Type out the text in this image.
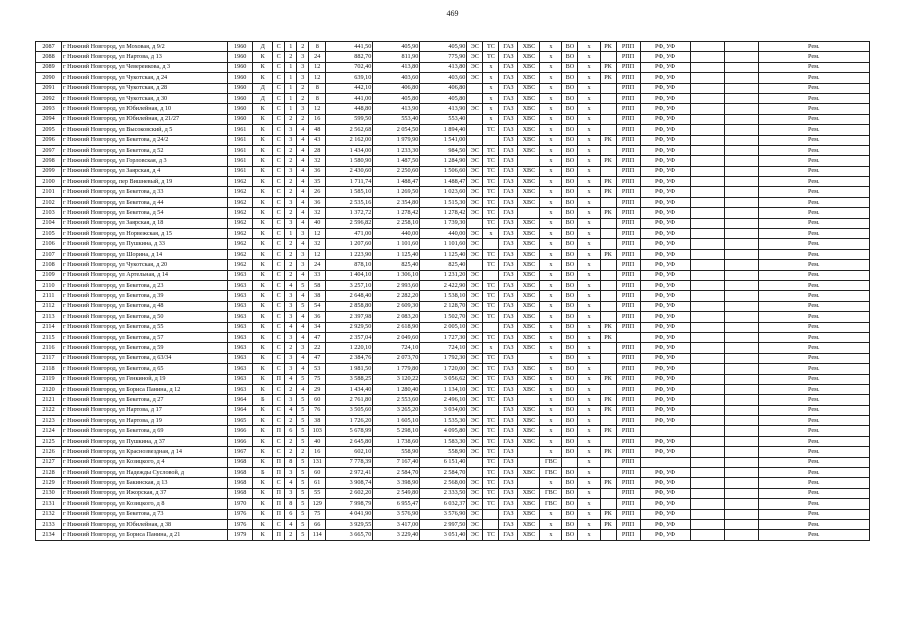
469
2087	г Нижний Новгород, ул Моховая, д 9/2	1960	Д	С	1	2	8	441,50	405,90	405,90	ЭС	ТС	ГАЗ	ХВС	х	ВО	х	РК	РПП	РФ, УФ			Рем.
2088	г Нижний Новгород, ул Нартова, д 13	1960	К	С	2	3	24	882,70	811,90	775,90	ЭС	ТС	ГАЗ	ХВС	х	ВО	х		РПП	РФ, УФ			Рем.
2089	г Нижний Новгород, ул Чевереикова, д 3	1960	К	С	1	3	12	702,40	413,80	413,80	ЭС	х	ГАЗ	ХВС	х	ВО	х	РК	РПП	РФ, УФ			Рем.
2090	г Нижний Новгород, ул Чукотская, д 24	1960	К	С	1	3	12	639,10	403,60	403,60	ЭС	х	ГАЗ	ХВС	х	ВО	х	РК	РПП	РФ, УФ			Рем.
2091	г Нижний Новгород, ул Чукотская, д 28	1960	Д	С	1	2	8	442,10	406,80	406,80		х	ГАЗ	ХВС	х	ВО	х		РПП	РФ, УФ			Рем.
2092	г Нижний Новгород, ул Чукотская, д 30	1960	Д	С	1	2	8	441,00	405,80	405,80		х	ГАЗ	ХВС	х	ВО	х		РПП	РФ, УФ			Рем.
2093	г Нижний Новгород, ул Юбилейная, д 10	1960	К	С	1	3	12	448,80	413,90	413,90	ЭС	х	ГАЗ	ХВС	х	ВО	х		РПП	РФ, УФ			Рем.
2094	г Нижний Новгород, ул Юбилейная, д 21/27	1960	К	С	2	2	16	599,50	553,40	553,40		х	ГАЗ	ХВС	х	ВО	х		РПП	РФ, УФ			Рем.
2095	г Нижний Новгород, ул Высоковский, д 5	1961	К	С	3	4	48	2 562,68	2 054,50	1 894,40		ТС	ГАЗ	ХВС	х	ВО	х		РПП	РФ, УФ			Рем.
2096	г Нижний Новгород, ул Бекетова, д 24/2	1961	К	С	3	4	43	2 162,00	1 979,90	1 541,00			ГАЗ	ХВС	х	ВО	х	РК	РПП	РФ, УФ			Рем.
2097	г Нижний Новгород, ул Бекетова, д 52	1961	К	С	2	4	28	1 434,00	1 233,30	984,50	ЭС	ТС	ГАЗ	ХВС	х	ВО	х		РПП	РФ, УФ			Рем.
2098	г Нижний Новгород, ул Горловская, д 3	1961	К	С	2	4	32	1 580,90	1 487,50	1 284,90	ЭС	ТС	ГАЗ		х	ВО	х	РК	РПП	РФ, УФ			Рем.
2099	г Нижний Новгород, ул Заярская, д 4	1961	К	С	3	4	36	2 430,60	2 250,60	1 506,60	ЭС	ТС	ГАЗ	ХВС	х	ВО	х		РПП	РФ, УФ			Рем.
2100	г Нижний Новгород, пер Вишневый, д 19	1962	К	С	2	4	35	1 711,74	1 488,47	1 488,47	ЭС	ТС	ГАЗ	ХВС	х	ВО	х	РК	РПП	РФ, УФ			Рем.
2101	г Нижний Новгород, ул Бекетова, д 33	1962	К	С	2	4	26	1 585,10	1 269,50	1 023,60	ЭС	ТС	ГАЗ	ХВС	х	ВО	х	РК	РПП	РФ, УФ			Рем.
2102	г Нижний Новгород, ул Бекетова, д 44	1962	К	С	3	4	36	2 535,16	2 354,80	1 515,30	ЭС	ТС	ГАЗ	ХВС	х	ВО	х		РПП	РФ, УФ			Рем.
2103	г Нижний Новгород, ул Бекетова, д 54	1962	К	С	2	4	32	1 372,72	1 278,42	1 278,42	ЭС	ТС	ГАЗ		х	ВО	х	РК	РПП	РФ, УФ			Рем.
2104	г Нижний Новгород, ул Заярская, д 18	1962	К	С	3	4	40	2 596,82	2 258,10	1 739,30		ТС	ГАЗ	ХВС	х	ВО	х		РПП	РФ, УФ			Рем.
2105	г Нижний Новгород, ул Норвежская, д 15	1962	К	С	1	3	12	471,00	440,00	440,00	ЭС	х	ГАЗ	ХВС	х	ВО	х		РПП	РФ, УФ			Рем.
2106	г Нижний Новгород, ул Пушкина, д 33	1962	К	С	2	4	32	1 207,60	1 101,60	1 101,60	ЭС		ГАЗ	ХВС	х	ВО	х		РПП	РФ, УФ			Рем.
2107	г Нижний Новгород, ул Шорина, д 14	1962	К	С	2	3	12	1 223,90	1 125,40	1 125,40	ЭС	ТС	ГАЗ	ХВС	х	ВО	х	РК	РПП	РФ, УФ			Рем.
2108	г Нижний Новгород, ул Чукотская, д 20	1962	К	С	2	3	24	878,10	825,40	825,40		ТС	ГАЗ	ХВС	х	ВО	х		РПП	РФ, УФ			Рем.
2109	г Нижний Новгород, ул Артельная, д 14	1963	К	С	2	4	33	1 404,10	1 306,10	1 231,20	ЭС		ГАЗ	ХВС	х	ВО	х		РПП	РФ, УФ			Рем.
2110	г Нижний Новгород, ул Бекетова, д 23	1963	К	С	4	5	58	3 257,10	2 993,60	2 422,90	ЭС	ТС	ГАЗ	ХВС	х	ВО	х		РПП	РФ, УФ			Рем.
2111	г Нижний Новгород, ул Бекетова, д 39	1963	К	С	3	4	38	2 648,40	2 282,20	1 538,10	ЭС	ТС	ГАЗ	ХВС	х	ВО	х		РПП	РФ, УФ			Рем.
2112	г Нижний Новгород, ул Бекетова, д 48	1963	К	С	3	5	54	2 858,80	2 609,30	2 128,70	ЭС	ТС	ГАЗ	ХВС	х	ВО	х		РПП	РФ, УФ			Рем.
2113	г Нижний Новгород, ул Бекетова, д 50	1963	К	С	3	4	36	2 397,98	2 083,20	1 502,70	ЭС	ТС	ГАЗ	ХВС	х	ВО	х		РПП	РФ, УФ			Рем.
2114	г Нижний Новгород, ул Бекетова, д 55	1963	К	С	4	4	34	2 929,50	2 618,90	2 005,10	ЭС		ГАЗ	ХВС	х	ВО	х	РК	РПП	РФ, УФ			Рем.
2115	г Нижний Новгород, ул Бекетова, д 57	1963	К	С	3	4	47	2 357,04	2 049,60	1 727,30	ЭС	ТС	ГАЗ	ХВС	х	ВО	х	РК		РФ, УФ			Рем.
2116	г Нижний Новгород, ул Бекетова, д 59	1963	К	С	2	3	22	1 220,10	724,10	724,10	ЭС	х	ГАЗ	ХВС	х	ВО	х		РПП	РФ, УФ			Рем.
2117	г Нижний Новгород, ул Бекетова, д 63/34	1963	К	С	3	4	47	2 384,76	2 073,70	1 792,30	ЭС	ТС	ГАЗ		х	ВО	х		РПП	РФ, УФ			Рем.
2118	г Нижний Новгород, ул Бекетова, д 65	1963	К	С	3	4	53	1 981,50	1 779,80	1 720,00	ЭС	ТС	ГАЗ	ХВС	х	ВО	х		РПП	РФ, УФ			Рем.
2119	г Нижний Новгород, ул Генкиной, д 19	1963	К	П	4	5	75	3 588,25	3 120,22	3 056,62	ЭС	ТС	ГАЗ	ХВС	х	ВО	х	РК	РПП	РФ, УФ			Рем.
2120	г Нижний Новгород, ул Бориса Панина, д 12	1963	К	С	2	4	29	1 434,40	1 280,40	1 134,10	ЭС	ТС	ГАЗ	ХВС	х	ВО	х		РПП	РФ, УФ			Рем.
2121	г Нижний Новгород, ул Бекетова, д 27	1964	Б	С	3	5	60	2 761,80	2 553,60	2 496,10	ЭС	ТС	ГАЗ		х	ВО	х	РК	РПП	РФ, УФ			Рем.
2122	г Нижний Новгород, ул Нартова, д 17	1964	К	С	4	5	76	3 505,60	3 265,20	3 034,00	ЭС		ГАЗ	ХВС	х	ВО	х	РК	РПП	РФ, УФ			Рем.
2123	г Нижний Новгород, ул Нартова, д 19	1965	К	С	2	5	38	1 726,20	1 605,10	1 535,30	ЭС	ТС	ГАЗ	ХВС	х	ВО	х		РПП	РФ, УФ			Рем.
2124	г Нижний Новгород, ул Бекетова, д 69	1966	К	П	6	5	103	5 678,99	5 298,10	4 095,80	ЭС	ТС	ГАЗ	ХВС	х	ВО	х	РК	РПП				Рем.
2125	г Нижний Новгород, ул Пушкина, д 37	1966	К	С	2	5	40	2 645,80	1 738,60	1 583,30	ЭС	ТС	ГАЗ	ХВС	х	ВО	х		РПП	РФ, УФ			Рем.
2126	г Нижний Новгород, ул Краснозвездная, д 14	1967	К	С	2	2	16	602,10	558,90	558,90	ЭС	ТС	ГАЗ		х	ВО	х	РК	РПП	РФ, УФ			Рем.
2127	г Нижний Новгород, ул Козицкого, д 4	1968	К	П	8	5	131	7 778,39	7 167,40	6 151,40		ТС	ГАЗ		ГВС		х		РПП				Рем.
2128	г Нижний Новгород, ул Надежды Сусловой, д	1968	Б	П	3	5	60	2 972,41	2 584,70	2 584,70		ТС	ГАЗ	ХВС	ГВС	ВО	х		РПП	РФ, УФ			Рем.
2129	г Нижний Новгород, ул Бакинская, д 13	1968	К	С	4	5	61	3 908,74	3 398,90	2 568,00	ЭС	ТС	ГАЗ		х	ВО	х	РК	РПП	РФ, УФ			Рем.
2130	г Нижний Новгород, ул Ижорская, д 37	1968	К	П	3	5	55	2 602,20	2 549,80	2 333,50	ЭС	ТС	ГАЗ	ХВС	ГВС	ВО	х		РПП	РФ, УФ			Рем.
2131	г Нижний Новгород, ул Козицкого, д 8	1970	К	П	8	5	129	7 998,79	6 955,47	6 032,37	ЭС	ТС	ГАЗ	ХВС	ГВС	ВО	х		РПП	РФ, УФ			Рем.
2132	г Нижний Новгород, ул Бекетова, д 73	1976	К	П	6	5	75	4 041,90	3 576,90	3 576,90	ЭС		ГАЗ	ХВС	х	ВО	х	РК	РПП	РФ, УФ			Рем.
2133	г Нижний Новгород, ул Юбилейная, д 38	1976	К	С	4	5	66	3 929,55	3 417,00	2 997,50	ЭС		ГАЗ	ХВС	х	ВО	х	РК	РПП	РФ, УФ			Рем.
2134	г Нижний Новгород, ул Бориса Панина, д 21	1979	К	П	2	5	114	3 665,70	3 229,40	3 051,40	ЭС	ТС	ГАЗ	ХВС	х	ВО	х		РПП	РФ, УФ			Рем.
